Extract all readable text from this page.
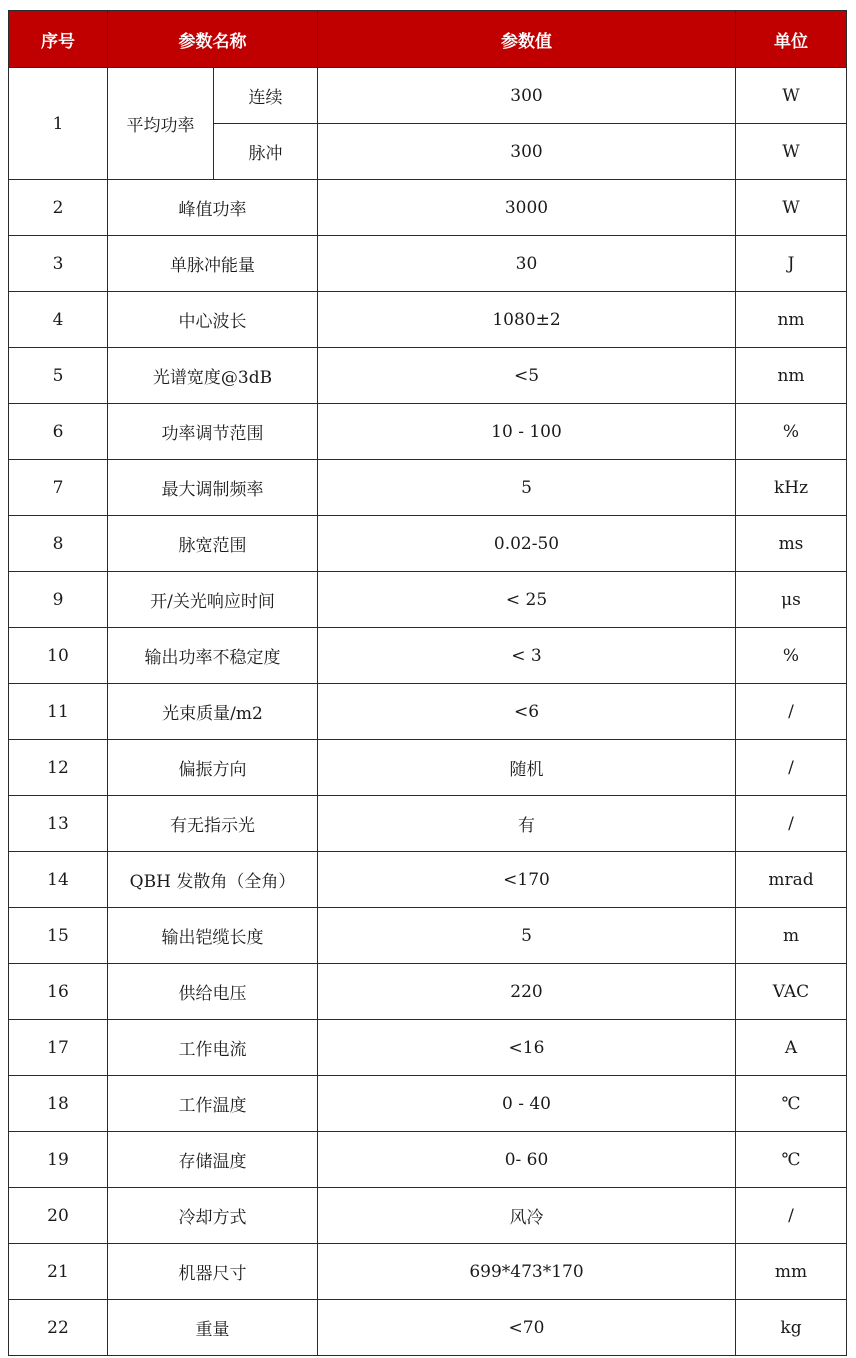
序号	参数名称		参数值	单位
1	平均功率	连续	300	W
		脉冲	300	W
2	峰值功率		3000	W
3	单脉冲能量		30	J
4	中心波长		1080±2	nm
5	光谱宽度@3dB		<5	nm
6	功率调节范围		10 - 100	%
7	最大调制频率		5	kHz
8	脉宽范围		0.02-50	ms
9	开/关光响应时间		< 25	μs
10	输出功率不稳定度		< 3	%
11	光束质量/m2		<6	/
12	偏振方向		随机	/
13	有无指示光		有	/
14	QBH 发散角（全角）		<170	mrad
15	输出铠缆长度		5	m
16	供给电压		220	VAC
17	工作电流		<16	A
18	工作温度		0 - 40	℃
19	存储温度		0- 60	℃
20	冷却方式		风冷	/
21	机器尺寸		699*473*170	mm
22	重量		<70	kg
